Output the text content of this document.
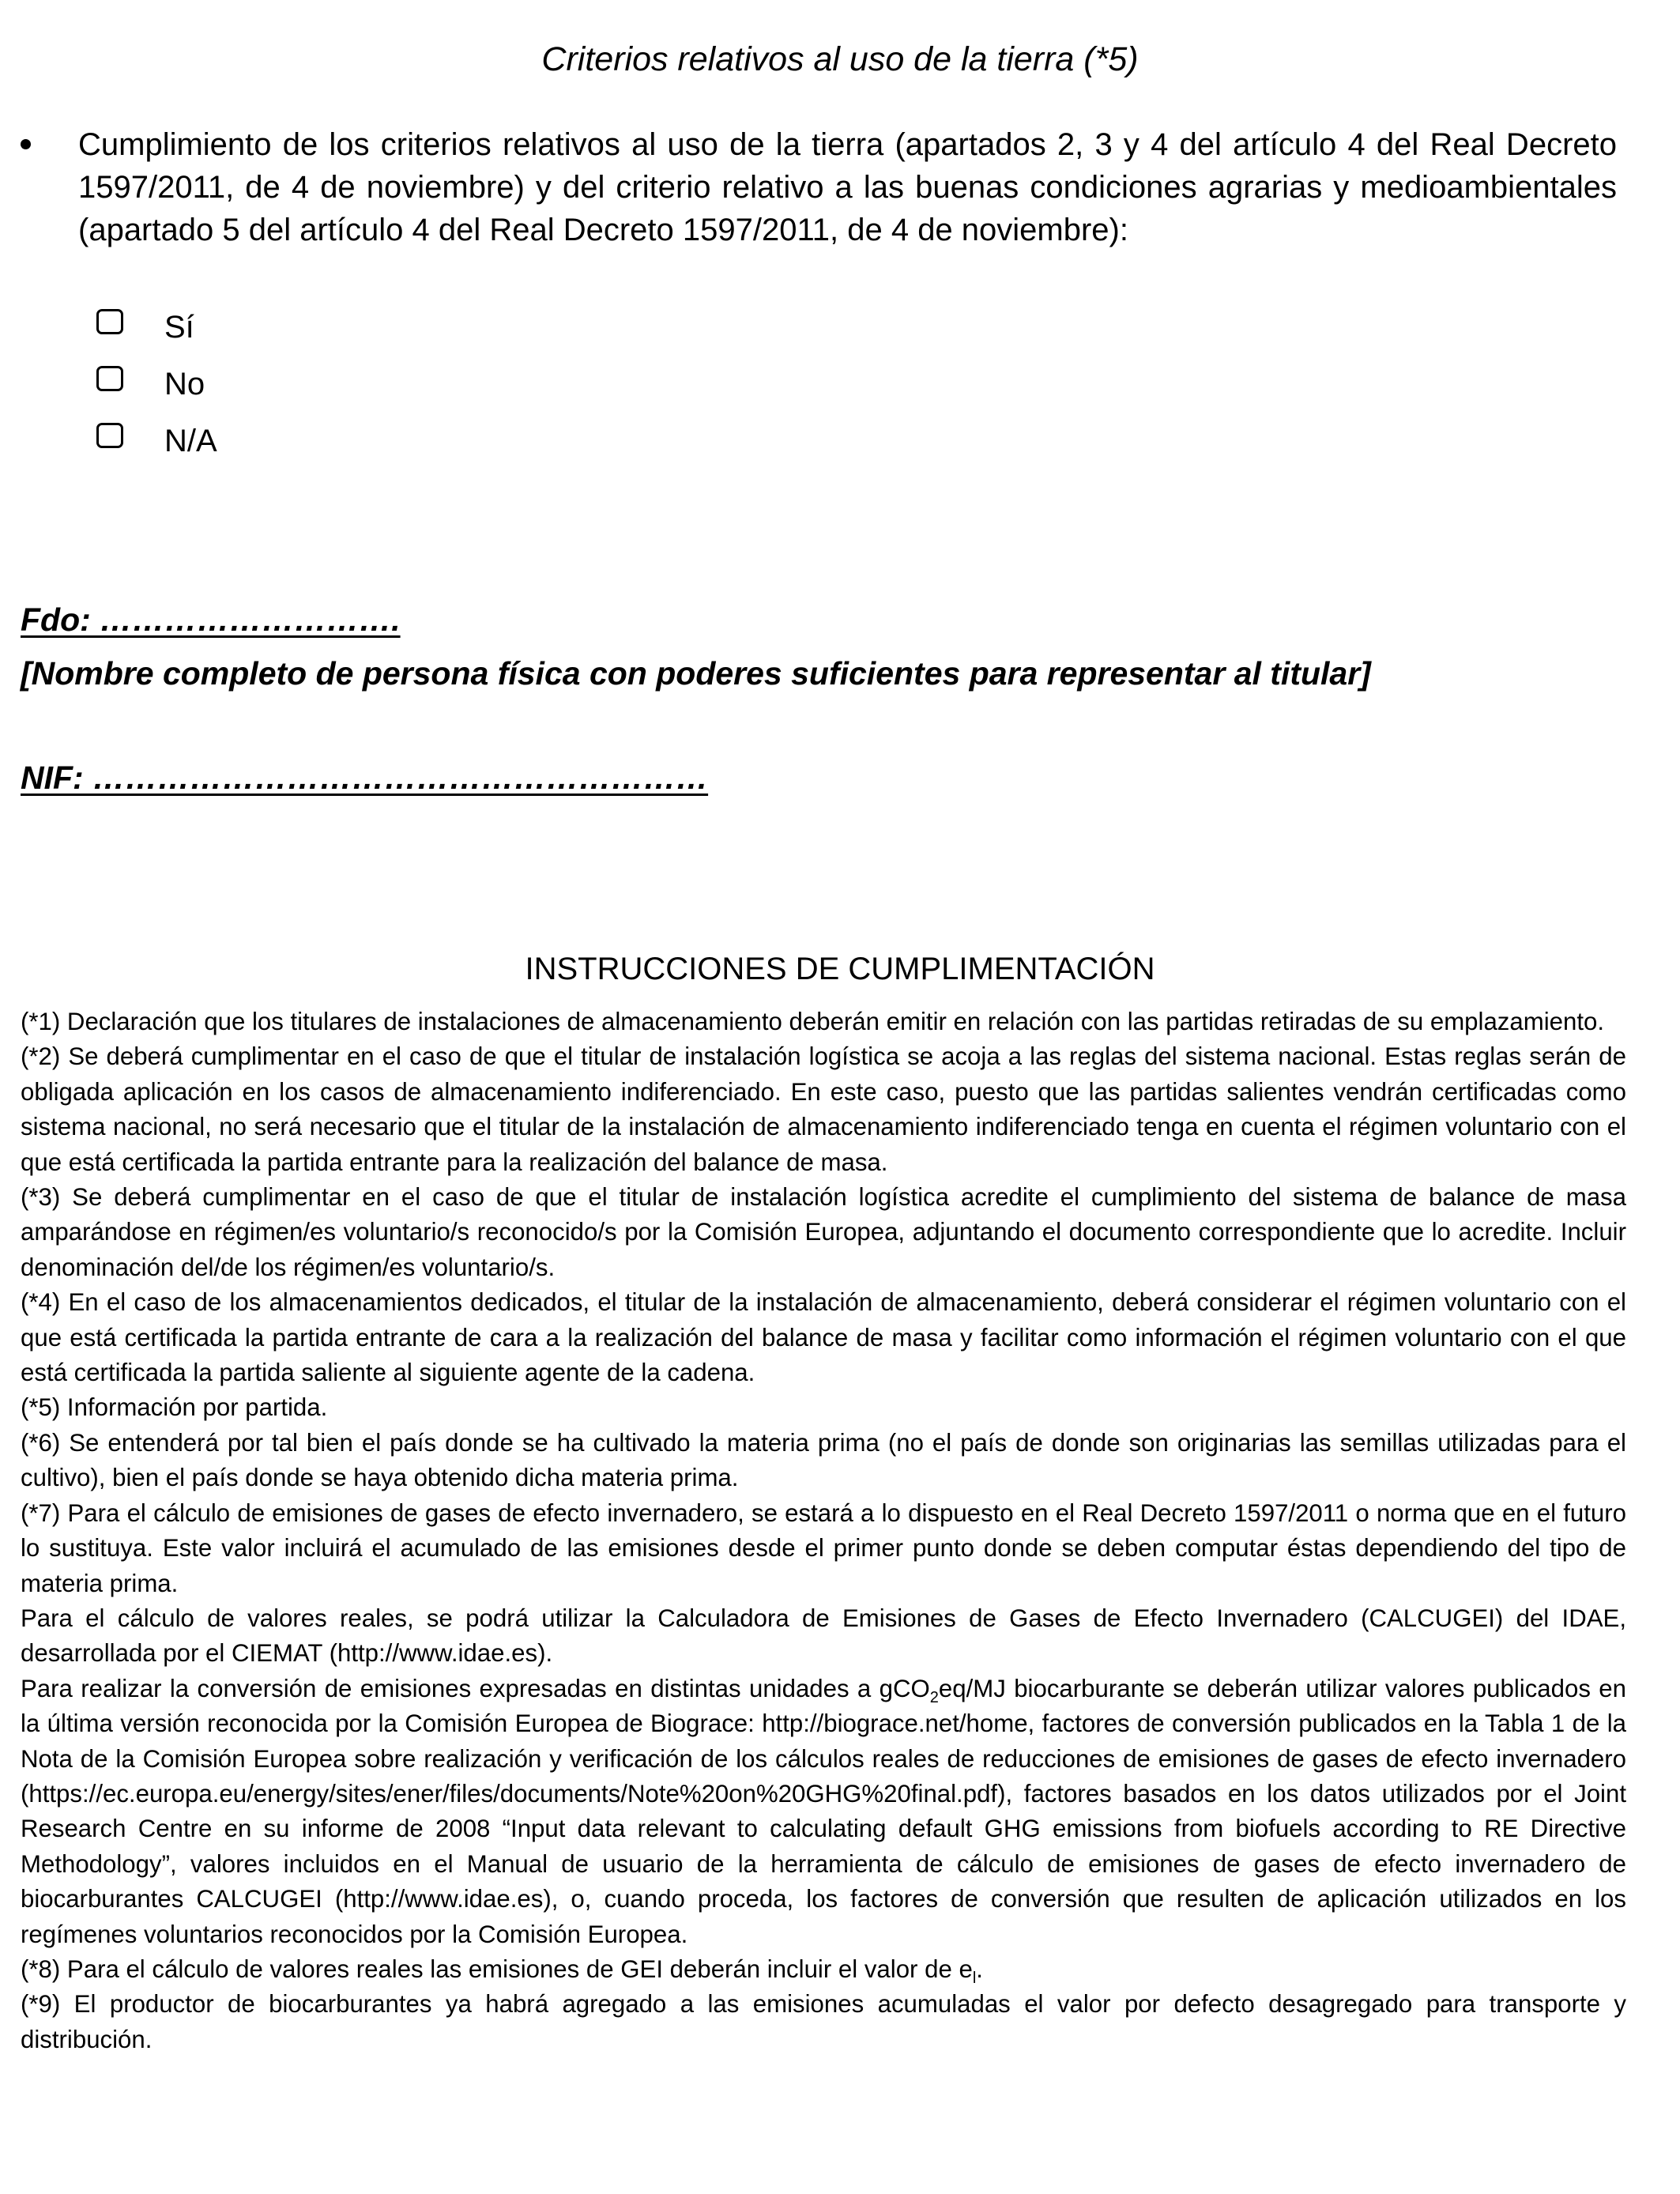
Criterios relativos al uso de la tierra (*5)
Cumplimiento de los criterios relativos al uso de la tierra (apartados 2, 3 y 4 del artículo 4 del Real Decreto 1597/2011, de 4 de noviembre) y del criterio relativo a las buenas condiciones agrarias y medioambientales (apartado 5 del artículo 4 del Real Decreto 1597/2011, de 4 de noviembre):
Sí
No
N/A
Fdo: ……………………….
[Nombre completo de persona física con poderes suficientes para representar al titular]
NIF: …………………………………………………
INSTRUCCIONES DE CUMPLIMENTACIÓN

(*1) Declaración que los titulares de instalaciones de almacenamiento deberán emitir en relación con las partidas retiradas de su emplazamiento.

(*2) Se deberá cumplimentar en el caso de que el titular de instalación logística se acoja a las reglas del sistema nacional. Estas reglas serán de obligada aplicación en los casos de almacenamiento indiferenciado. En este caso, puesto que las partidas salientes vendrán certificadas como sistema nacional, no será necesario que el titular de la instalación de almacenamiento indiferenciado tenga en cuenta el régimen voluntario con el que está certificada la partida entrante para la realización del balance de masa.

(*3) Se deberá cumplimentar en el caso de que el titular de instalación logística acredite el cumplimiento del sistema de balance de masa amparándose en régimen/es voluntario/s reconocido/s por la Comisión Europea, adjuntando el documento correspondiente que lo acredite. Incluir denominación del/de los régimen/es voluntario/s.

(*4) En el caso de los almacenamientos dedicados, el titular de la instalación de almacenamiento, deberá considerar el régimen voluntario con el que está certificada la partida entrante de cara a la realización del balance de masa y facilitar como información el régimen voluntario con el que está certificada la partida saliente al siguiente agente de la cadena.

(*5) Información por partida.

(*6) Se entenderá por tal bien el país donde se ha cultivado la materia prima (no el país de donde son originarias las semillas utilizadas para el cultivo), bien el país donde se haya obtenido dicha materia prima.

(*7) Para el cálculo de emisiones de gases de efecto invernadero, se estará a lo dispuesto en el Real Decreto 1597/2011 o norma que en el futuro lo sustituya. Este valor incluirá el acumulado de las emisiones desde el primer punto donde se deben computar éstas dependiendo del tipo de materia prima.

Para el cálculo de valores reales, se podrá utilizar la Calculadora de Emisiones de Gases de Efecto Invernadero (CALCUGEI) del IDAE, desarrollada por el CIEMAT (http://www.idae.es).

Para realizar la conversión de emisiones expresadas en distintas unidades a gCO$_2$eq/MJ biocarburante se deberán utilizar valores publicados en la última versión reconocida por la Comisión Europea de Biograce: http://biograce.net/home, factores de conversión publicados en la Tabla 1 de la Nota de la Comisión Europea sobre realización y verificación de los cálculos reales de reducciones de emisiones de gases de efecto invernadero (https://ec.europa.eu/energy/sites/ener/files/documents/Note%20on%20GHG%20final.pdf), factores basados en los datos utilizados por el Joint Research Centre en su informe de 2008 “Input data relevant to calculating default GHG emissions from biofuels according to RE Directive Methodology”, valores incluidos en el Manual de usuario de la herramienta de cálculo de emisiones de gases de efecto invernadero de biocarburantes CALCUGEI (http://www.idae.es), o, cuando proceda, los factores de conversión que resulten de aplicación utilizados en los regímenes voluntarios reconocidos por la Comisión Europea.

(*8) Para el cálculo de valores reales las emisiones de GEI deberán incluir el valor de $e_l$.

(*9) El productor de biocarburantes ya habrá agregado a las emisiones acumuladas el valor por defecto desagregado para transporte y distribución.
